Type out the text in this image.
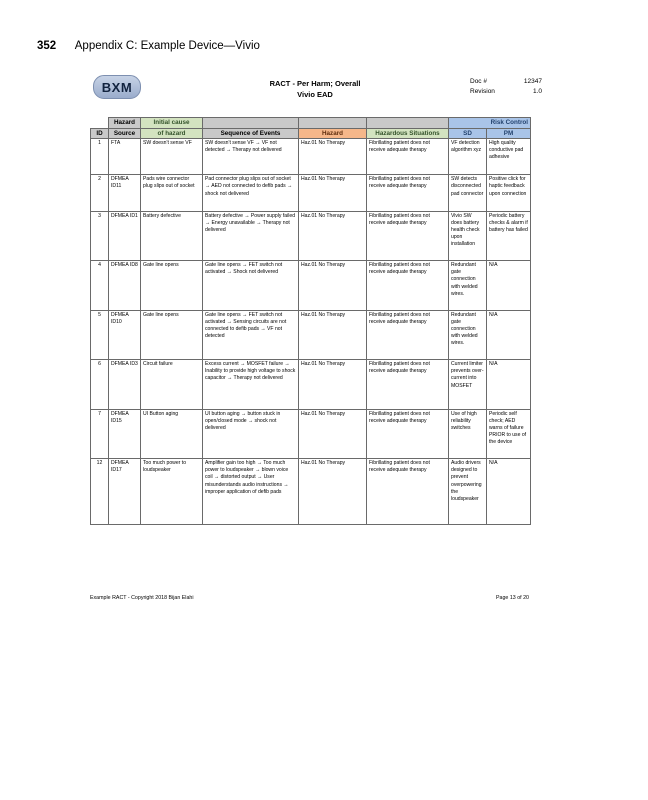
352 Appendix C: Example Device—Vivio
BXM	RACT - Per Harm; Overall
Vivio EAD
Doc #	12347
Revision	1.0
	Hazard	Initial cause				Risk Control	
ID	Source	of hazard	Sequence of Events	Hazard	Hazardous Situations	SD	PM
1	FTA	SW doesn't sense VF	SW doesn't sense VF → VF not detected → Therapy not delivered	Haz.01 No Therapy	Fibrillating patient does not receive adequate therapy	VF detection algorithm xyz	High quality conductive pad adhesive
2	DFMEA ID11	Pads wire connector plug slips out of socket	Pad connector plug slips out of socket → AED not connected to defib pads → shock not delivered	Haz.01 No Therapy	Fibrillating patient does not receive adequate therapy	SW detects disconnected pad connector	Positive click for haptic feedback upon connection
3	DFMEA ID1	Battery defective	Battery defective → Power supply failed → Energy unavailable → Therapy not delivered	Haz.01 No Therapy	Fibrillating patient does not receive adequate therapy	Vivio SW does battery health check upon installation	Periodic battery checks & alarm if battery has failed
4	DFMEA ID8	Gate line opens	Gate line opens → FET switch not activated → Shock not delivered	Haz.01 No Therapy	Fibrillating patient does not receive adequate therapy	Redundant gate connection with welded wires.	N/A
5	DFMEA ID10	Gate line opens	Gate line opens → FET switch not activated → Sensing circuits are not connected to defib pads → VF not detected	Haz.01 No Therapy	Fibrillating patient does not receive adequate therapy	Redundant gate connection with welded wires.	N/A
6	DFMEA ID3	Circuit failure	Excess current → MOSFET failure → Inability to provide high voltage to shock capacitor → Therapy not delivered	Haz.01 No Therapy	Fibrillating patient does not receive adequate therapy	Current limiter prevents over-current into MOSFET	N/A
7	DFMEA ID15	UI Button aging	UI button aging → button stuck in open/closed mode → shock not delivered	Haz.01 No Therapy	Fibrillating patient does not receive adequate therapy	Use of high reliability switches	Periodic self check; AED warns of failure PRIOR to use of the device
12	DFMEA ID17	Too much power to loudspeaker	Amplifier gain too high → Too much power to loudspeaker → blown voice coil → distorted output → User misunderstands audio instructions → improper application of defib pads	Haz.01 No Therapy	Fibrillating patient does not receive adequate therapy	Audio drivers designed to prevent overpowering the loudspeaker	N/A
Example RACT - Copyright 2018 Bijan Elahi	Page 13 of 20
